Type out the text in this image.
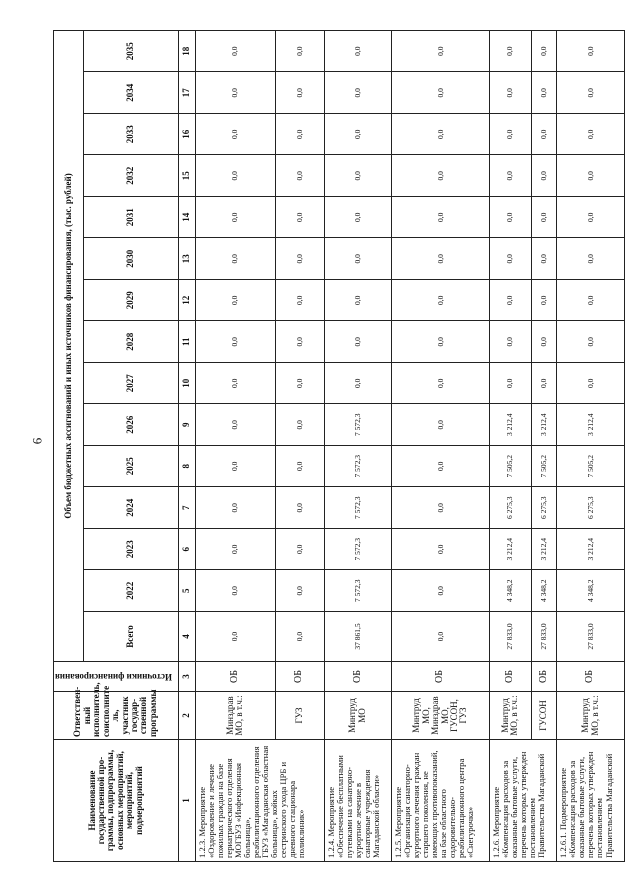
6
Наименование государственной про-граммы, подпрограммы, основных мероприятий, мероприятий, подмероприятий	Ответствен-ный исполнитель, соисполните ль, участник государ-ственной программы	Источники финансирования	Объем бюджетных ассигнований и иных источников финансирования, (тыс. рублей)														
			Всего	2022	2023	2024	2025	2026	2027	2028	2029	2030	2031	2032	2033	2034	2035
1	2	3	4	5	6	7	8	9	10	11	12	13	14	15	16	17	18
1.2.3. Мероприятие «Оздоровление и лечение пожилых граждан на базе гериатрического отделения МОГБУЗ «Инфекционная больница», реабилитационного отделения ГБУЗ «Магаданская областная больница», койках сестринского ухода ЦРБ и дневного стационара поликлиник»	Минздрав МО, в т.ч.:	ОБ	0,0	0,0	0,0	0,0	0,0	0,0	0,0	0,0	0,0	0,0	0,0	0,0	0,0	0,0	0,0
	ГУЗ	ОБ	0,0	0,0	0,0	0,0	0,0	0,0	0,0	0,0	0,0	0,0	0,0	0,0	0,0	0,0	0,0
1.2.4. Мероприятие «Обеспечение бесплатными путевками на санаторно-курортное лечение в санаторные учреждения Магаданской области»	Минтруд МО	ОБ	37 861,5	7 572,3	7 572,3	7 572,3	7 572,3	7 572,3	0,0	0,0	0,0	0,0	0,0	0,0	0,0	0,0	0,0
1.2.5. Мероприятие «Организация санаторно-курортного лечения граждан старшего поколения, не имеющих противопоказаний, на базе областного оздоровительно-реабилитационного центра «Снегурочка»	Минтруд МО, Минздрав МО, ГУСОН, ГУЗ	ОБ	0,0	0,0	0,0	0,0	0,0	0,0	0,0	0,0	0,0	0,0	0,0	0,0	0,0	0,0	0,0
1.2.6. Мероприятие «Компенсация расходов за оказанные бытовые услуги, перечень которых утвержден постановлением Правительства Магаданской	Минтруд МО, в т.ч.:	ОБ	27 833,0	4 348,2	3 212,4	6 275,3	7 505,2	3 212,4	0,0	0,0	0,0	0,0	0,0	0,0	0,0	0,0	0,0
	ГУСОН	ОБ	27 833,0	4 348,2	3 212,4	6 275,3	7 505,2	3 212,4	0,0	0,0	0,0	0,0	0,0	0,0	0,0	0,0	0,0
1.2.6.1. Подмероприятие «Компенсация расходов за оказанные бытовые услуги, перечень которых утвержден постановлением Правительства Магаданской	Минтруд МО, в т.ч.:	ОБ	27 833,0	4 348,2	3 212,4	6 275,3	7 505,2	3 212,4	0,0	0,0	0,0	0,0	0,0	0,0	0,0	0,0	0,0
